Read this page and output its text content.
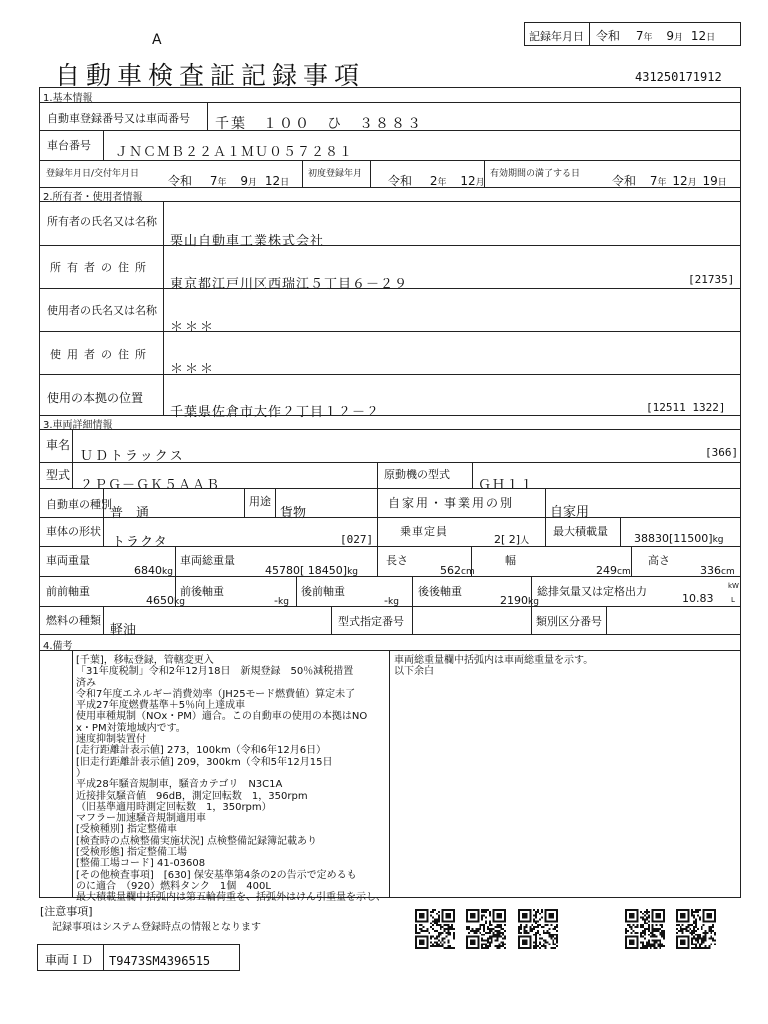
A
自動車検査証記録事項
記録年月日 令和 7年 9月 12日
431250171912
1.基本情報
自動車登録番号又は車両番号 千葉　１００　ひ　３８８３
車台番号 ＪＮＣＭＢ２２Ａ１ＭＵ０５７２８１
登録年月日/交付年月日 令和 7年 9月 12日
初度登録年月 令和 2年 12月
有効期間の満了する日	令和 7年 12月 19日
2.所有者・使用者情報
所有者の氏名又は名称
栗山自動車工業株式会社
所有者の住所
東京都江戸川区西瑞江５丁目６－２９	[21735]
使用者の氏名又は名称
＊＊＊
使用者の住所
＊＊＊
使用の本拠の位置
千葉県佐倉市大作２丁目１２－２	[12511 1322]
3.車両詳細情報
車名
ＵＤトラックス	[366]
型式
２ＰＧ－ＧＫ５ＡＡＢ
原動機の型式
ＧＨ１１
自動車の種別
普　通
用途
貨物
自家用・事業用の別
自家用
車体の形状
トラクタ	[027]
乗車定員
2[ 2]人
最大積載量
38830[11500]kg
車両重量
6840kg
車両総重量
45780[ 18450]kg
長さ
562cm
幅
249cm
高さ
336cm
前前軸重
4650kg
前後軸重
-kg
後前軸重
-kg
後後軸重
2190kg
総排気量又は定格出力
10.83
kW
L
燃料の種類
軽油
型式指定番号	類別区分番号
4.備考
[千葉]，移転登録，管轄変更入
「31年度税制」令和2年12月18日　新規登録　50％減税措置
済み
令和7年度エネルギー消費効率（JH25モード燃費値）算定未了
平成27年度燃費基準＋5％向上達成車
使用車種規制（NOx・PM）適合。この自動車の使用の本拠はNO
x・PM対策地域内です。
速度抑制装置付
[走行距離計表示値] 273，100km（令和6年12月6日）
[旧走行距離計表示値] 209，300km（令和5年12月15日
）
平成28年騒音規制車，騒音カテゴリ　N3C1A
近接排気騒音値　96dB，測定回転数　1，350rpm
（旧基準適用時測定回転数　1，350rpm）
マフラー加速騒音規制適用車
[受検種別] 指定整備車
[検査時の点検整備実施状況] 点検整備記録簿記載あり
[受検形態] 指定整備工場
[整備工場コード] 41-03608
[その他検査事項]　[630] 保安基準第4条の2の告示で定めるも
のに適合　（920）燃料タンク　1個　400L
最大積載量欄中括弧内は第五輪荷重を、括弧外はけん引重量を示し、
車両総重量欄中括弧内は車両総重量を示す。
以下余白
[注意事項]
記録事項はシステム登録時点の情報となります
車両ＩＤ T9473SM4396515
